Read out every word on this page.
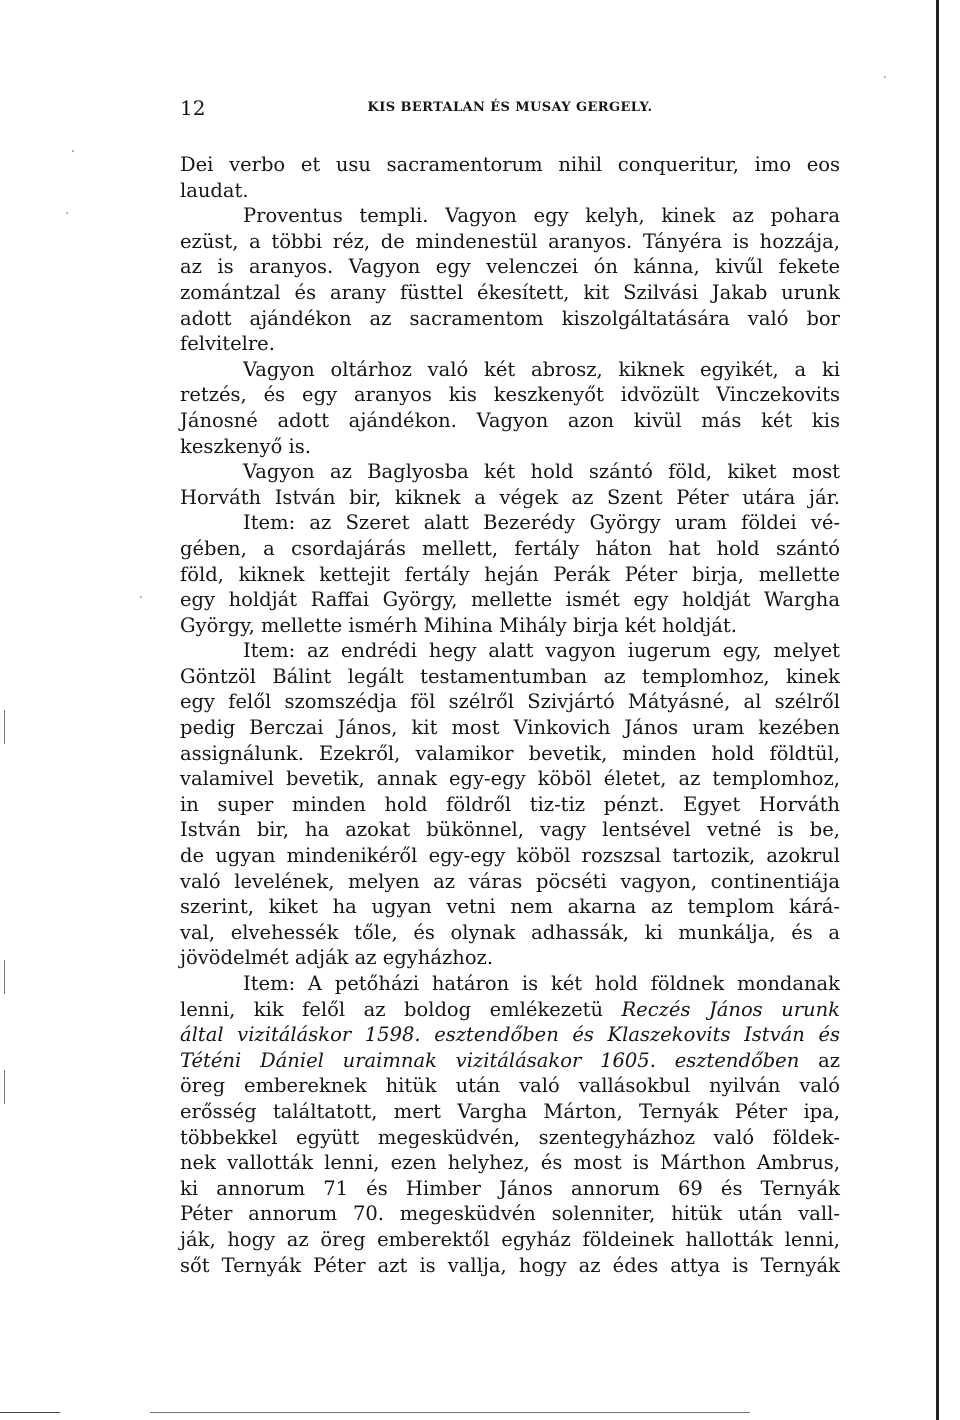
12	KIS BERTALAN ÉS MUSAY GERGELY.
Dei verbo et usu sacramentorum nihil conqueritur, imo eos
laudat.
Proventus templi. Vagyon egy kelyh, kinek az pohara
ezüst, a többi réz, de mindenestül aranyos. Tányéra is hozzája,
az is aranyos. Vagyon egy velenczei ón kánna, kivűl fekete
zomántzal és arany füsttel ékesített, kit Szilvási Jakab urunk
adott ajándékon az sacramentom kiszolgáltatására való bor
felvitelre.
Vagyon oltárhoz való két abrosz, kiknek egyikét, a ki
retzés, és egy aranyos kis keszkenyőt idvözült Vinczekovits
Jánosné adott ajándékon. Vagyon azon kivül más két kis
keszkenyő is.
Vagyon az Baglyosba két hold szántó föld, kiket most
Horváth István bir, kiknek a végek az Szent Péter utára jár.
Item: az Szeret alatt Bezerédy György uram földei vé-
gében, a csordajárás mellett, fertály háton hat hold szántó
föld, kiknek kettejit fertály heján Perák Péter birja, mellette
egy holdját Raffai György, mellette ismét egy holdját Wargha
György, mellette isméгh Mihina Mihály birja két holdját.
Item: az endrédi hegy alatt vagyon iugerum egy, melyet
Göntzöl Bálint legált testamentumban az templomhoz, kinek
egy felől szomszédja föl szélről Szivjártó Mátyásné, al szélről
pedig Berczai János, kit most Vinkovich János uram kezében
assignálunk. Ezekről, valamikor bevetik, minden hold földtül,
valamivel bevetik, annak egy-egy köböl életet, az templomhoz,
in super minden hold földről tiz-tiz pénzt. Egyet Horváth
István bir, ha azokat bükönnel, vagy lentsével vetné is be,
de ugyan mindenikéről egy-egy köböl rozszsal tartozik, azokrul
való levelének, melyen az váras pöcséti vagyon, continentiája
szerint, kiket ha ugyan vetni nem akarna az templom kárá-
val, elvehessék tőle, és olynak adhassák, ki munkálja, és a
jövödelmét adják az egyházhoz.
Item: A petőházi határon is két hold földnek mondanak
lenni, kik felől az boldog emlékezetü Reczés János urunk
által vizitáláskor 1598. esztendőben és Klaszekovits István és
Téténi Dániel uraimnak vizitálásakor 1605. esztendőben az
öreg embereknek hitük után való vallásokbul nyilván való
erősség találtatott, mert Vargha Márton, Ternyák Péter ipa,
többekkel együtt megesküdvén, szentegyházhoz való földek-
nek vallották lenni, ezen helyhez, és most is Márthon Ambrus,
ki annorum 71 és Himber János annorum 69 és Ternyák
Péter annorum 70. megesküdvén solenniter, hitük után vall-
ják, hogy az öreg emberektől egyház földeinek hallották lenni,
sőt Ternyák Péter azt is vallja, hogy az édes attya is Ternyák
